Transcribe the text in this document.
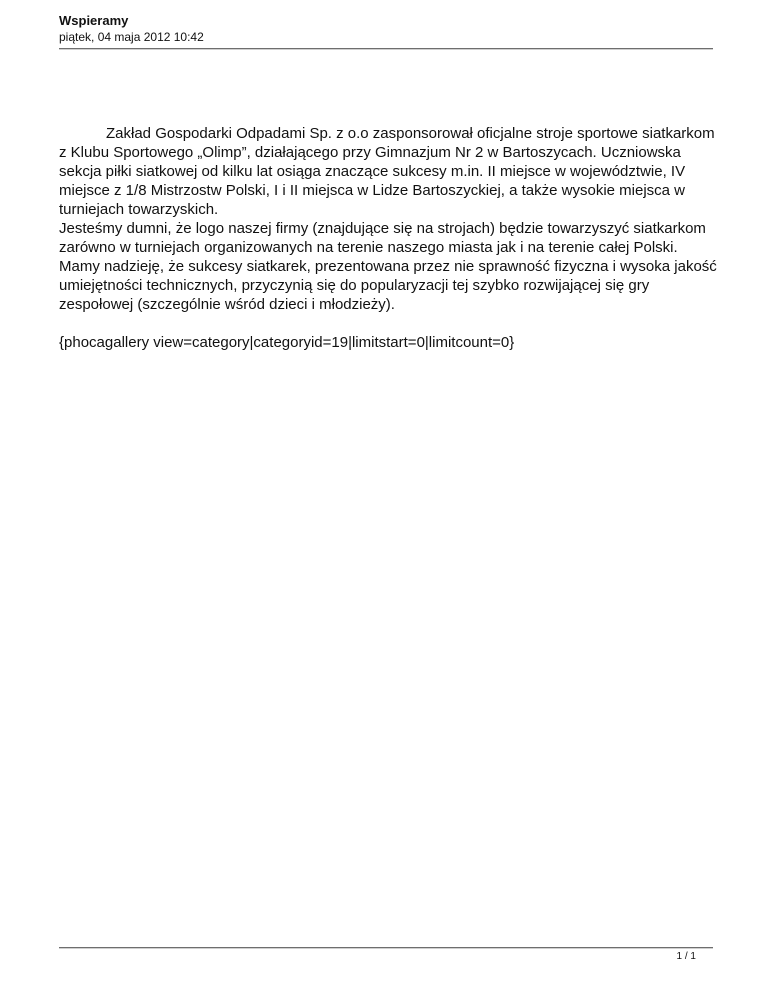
Wspieramy
piątek, 04 maja 2012 10:42

Zakład Gospodarki Odpadami Sp. z o.o zasponsorował oficjalne stroje sportowe siatkarkom z Klubu Sportowego „Olimp”, działającego przy Gimnazjum Nr 2 w Bartoszycach. Uczniowska sekcja piłki siatkowej od kilku lat osiąga znaczące sukcesy m.in. II miejsce w województwie, IV miejsce z 1/8 Mistrzostw Polski, I i II miejsca w Lidze Bartoszyckiej, a także wysokie miejsca w turniejach towarzyskich.

Jesteśmy dumni, że logo naszej firmy (znajdujące się na strojach) będzie towarzyszyć siatkarkom zarówno w turniejach organizowanych na terenie naszego miasta jak i na terenie całej Polski.

Mamy nadzieję, że sukcesy siatkarek, prezentowana przez nie sprawność fizyczna i wysoka jakość umiejętności technicznych, przyczynią się do popularyzacji tej szybko rozwijającej się gry zespołowej (szczególnie wśród dzieci i młodzieży).

{phocagallery view=category|categoryid=19|limitstart=0|limitcount=0}

1 / 1
